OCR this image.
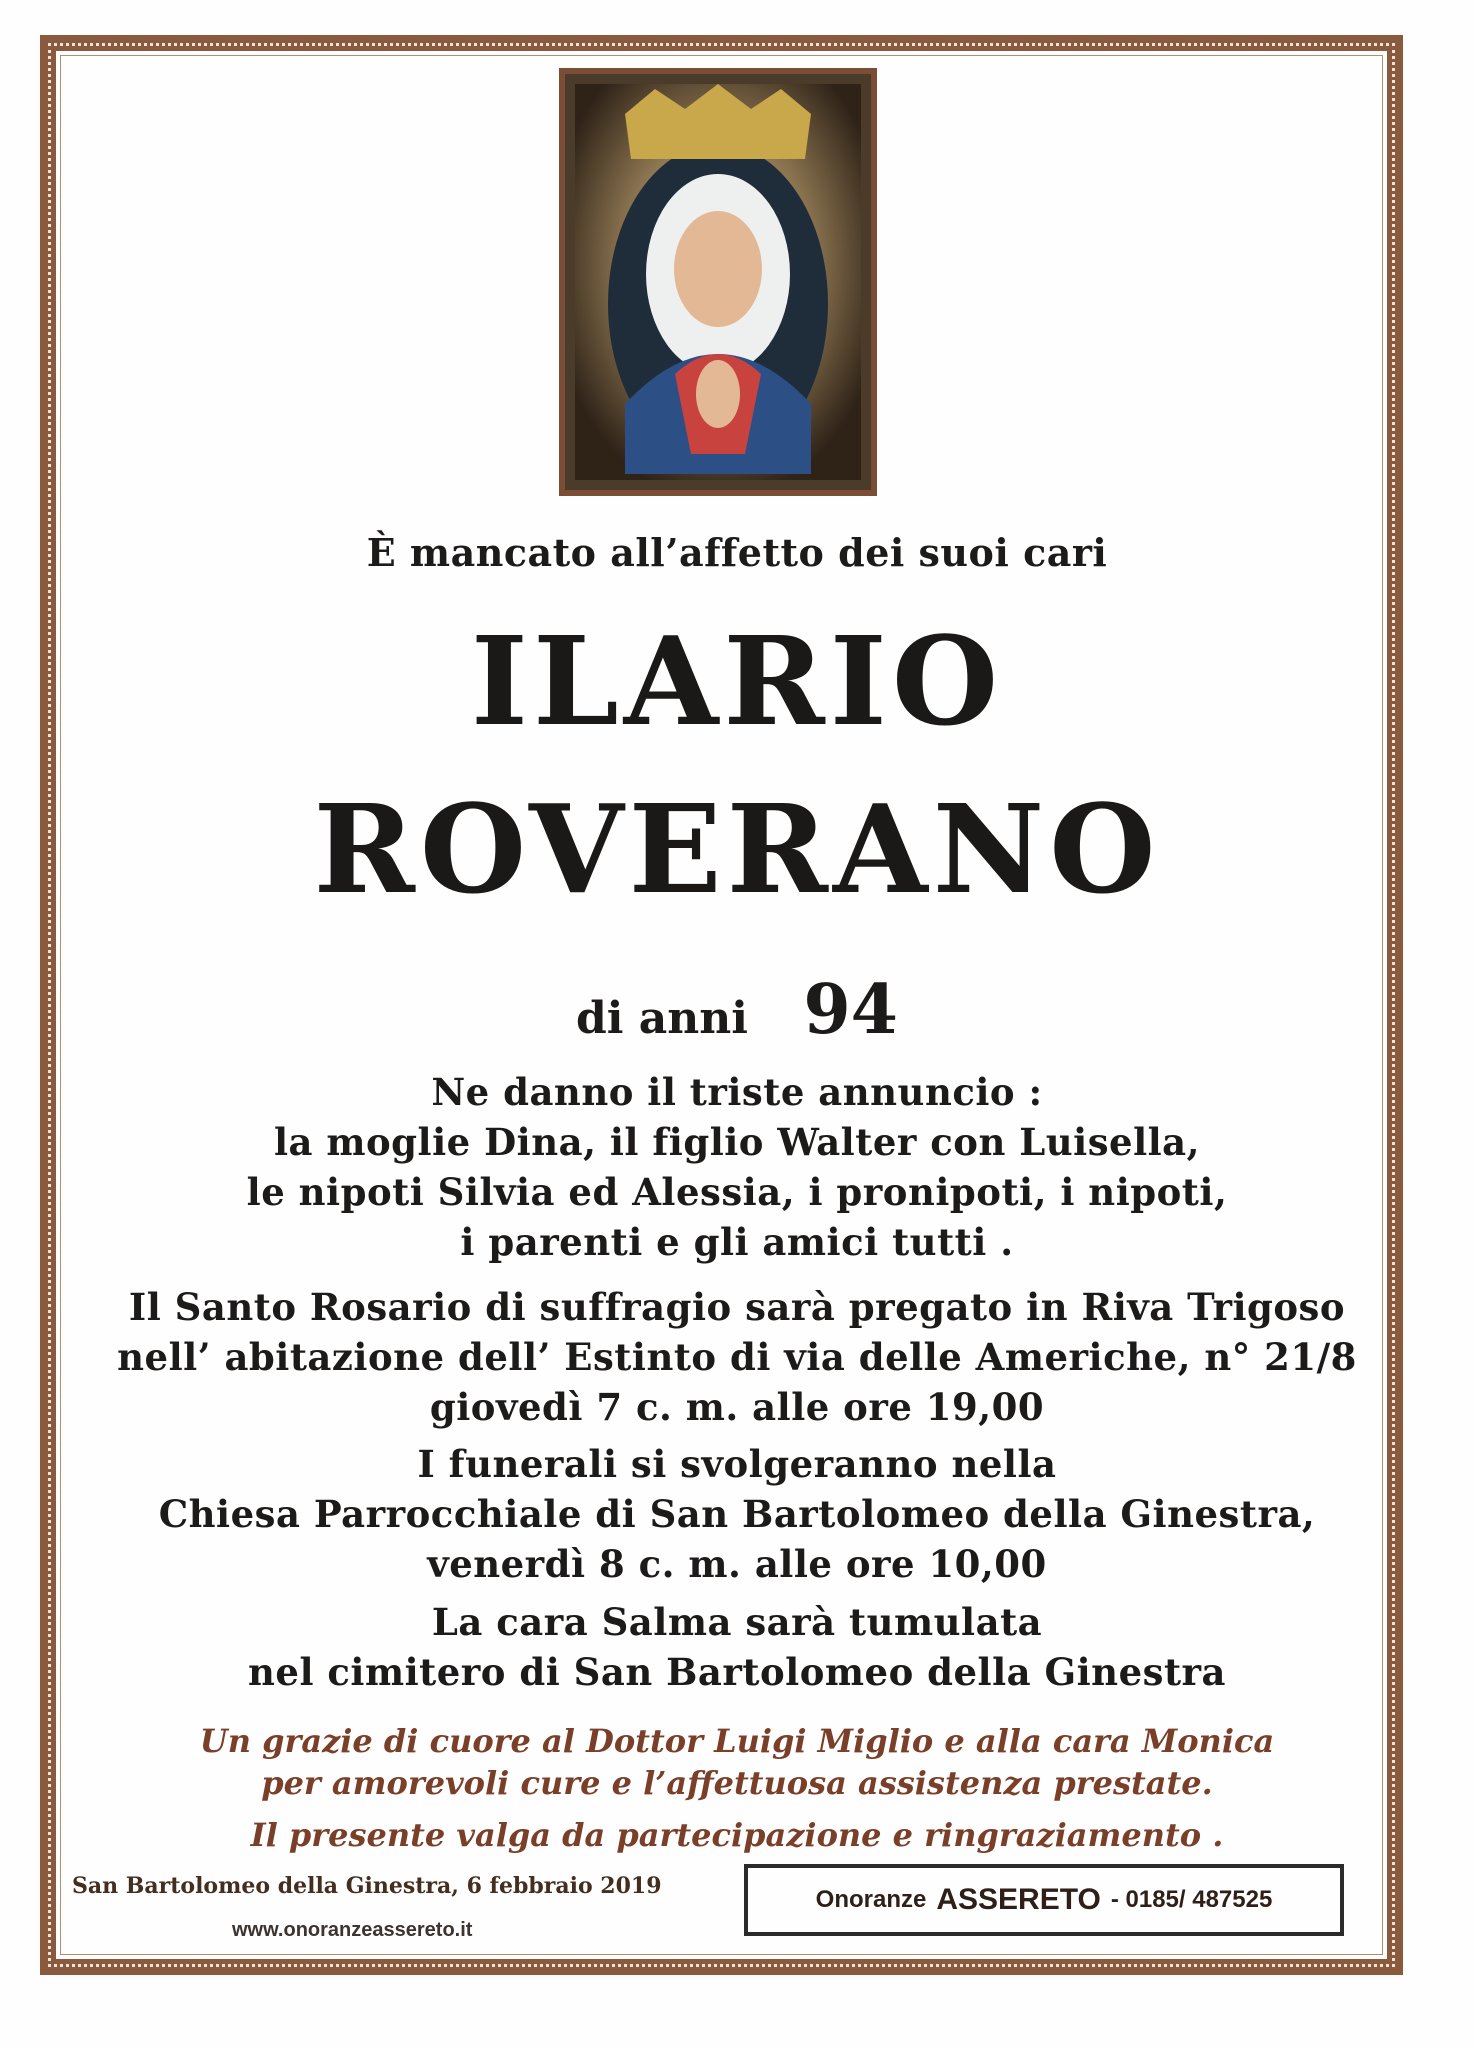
È mancato all’affetto dei suoi cari
ILARIO
ROVERANO
di anni 94
Ne danno il triste annuncio :
la moglie Dina, il figlio Walter con Luisella,
le nipoti Silvia ed Alessia, i pronipoti, i nipoti,
i parenti e gli amici tutti .
Il Santo Rosario di suffragio sarà pregato in Riva Trigoso
nell’ abitazione dell’ Estinto di via delle Americhe, n° 21/8
giovedì 7 c. m. alle ore 19,00
I funerali si svolgeranno nella
Chiesa Parrocchiale di San Bartolomeo della Ginestra,
venerdì 8 c. m. alle ore 10,00
La cara Salma sarà tumulata
nel cimitero di San Bartolomeo della Ginestra
Un grazie di cuore al Dottor Luigi Miglio e alla cara Monica
per amorevoli cure e l’affettuosa assistenza prestate.
Il presente valga da partecipazione e ringraziamento .
San Bartolomeo della Ginestra, 6 febbraio 2019
www.onoranzeassereto.it
Onoranze ASSERETO - 0185/ 487525
